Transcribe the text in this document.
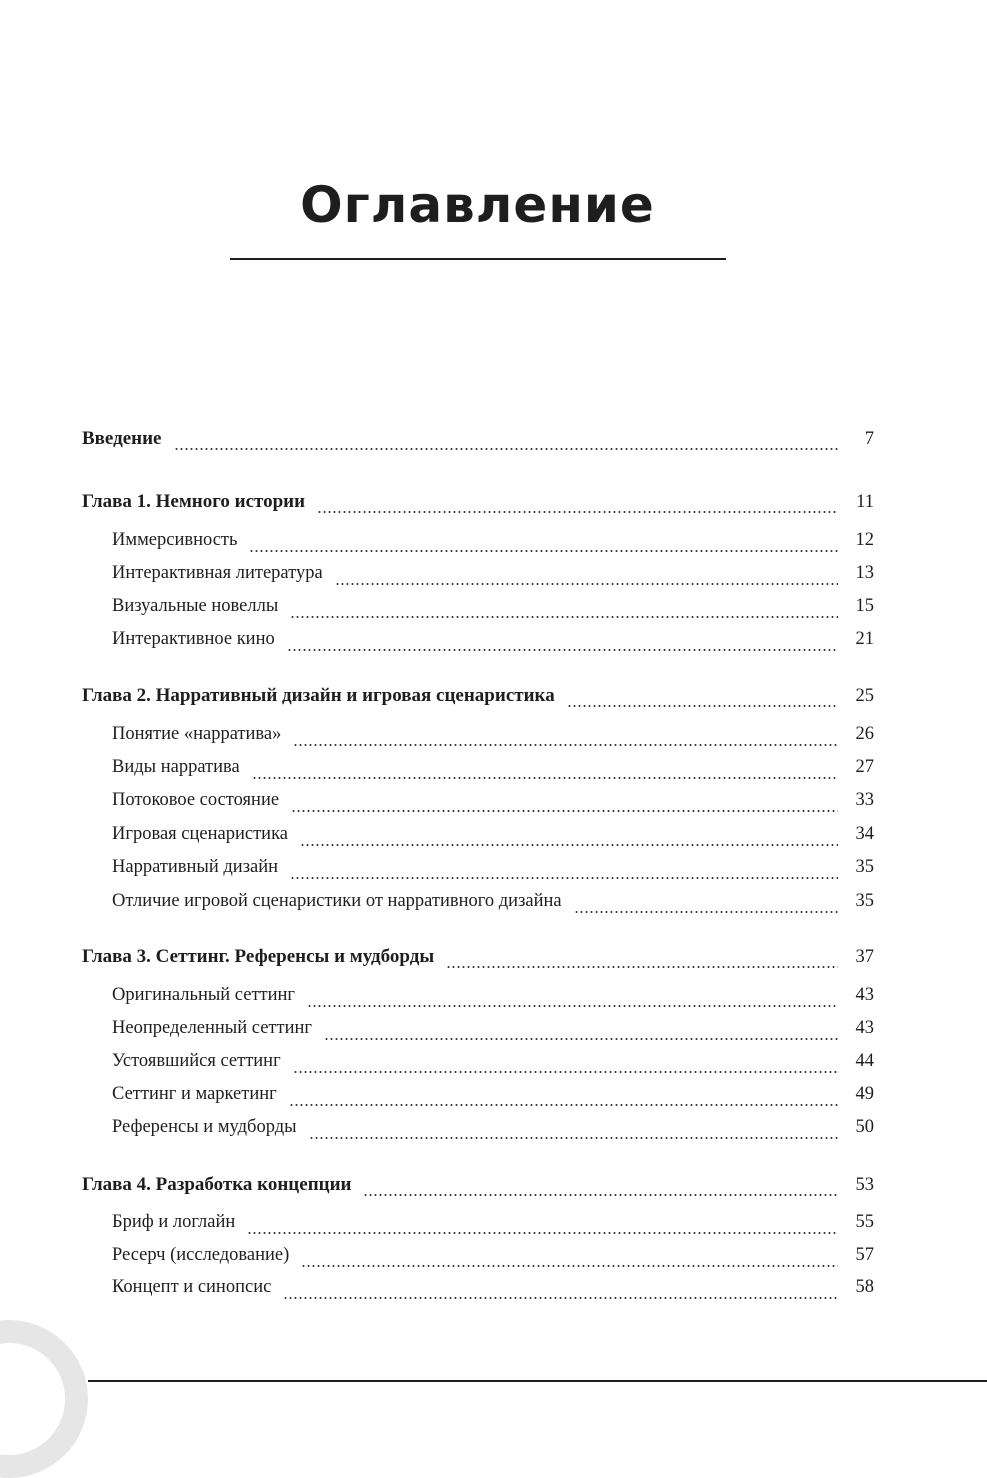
Оглавление
Введение	7
Глава 1. Немного истории	11
Иммерсивность	12
Интерактивная литература	13
Визуальные новеллы	15
Интерактивное кино	21
Глава 2. Нарративный дизайн и игровая сценаристика	25
Понятие «нарратива»	26
Виды нарратива	27
Потоковое состояние	33
Игровая сценаристика	34
Нарративный дизайн	35
Отличие игровой сценаристики от нарративного дизайна	35
Глава 3. Сеттинг. Референсы и мудборды	37
Оригинальный сеттинг	43
Неопределенный сеттинг	43
Устоявшийся сеттинг	44
Сеттинг и маркетинг	49
Референсы и мудборды	50
Глава 4. Разработка концепции	53
Бриф и логлайн	55
Ресерч (исследование)	57
Концепт и синопсис	58
